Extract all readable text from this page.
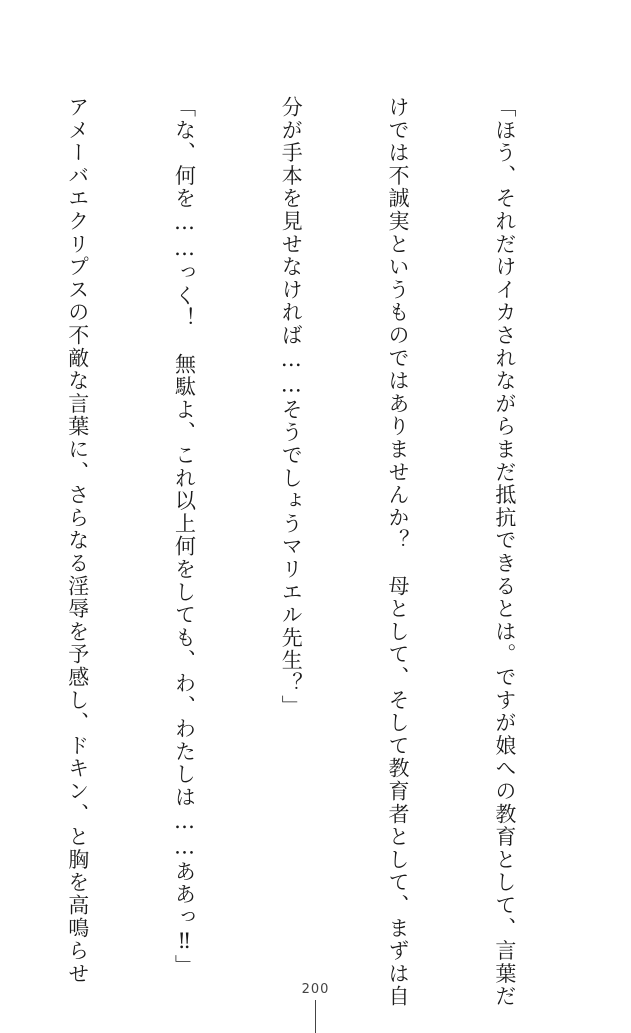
「ほう、それだけイカされながらまだ抵抗できるとは。ですが娘への教育として、言葉だ

けでは不誠実というものではありませんか？　母として、そして教育者として、まずは自

分が手本を見せなければ……そうでしょうマリエル先生？」

「な、何を……っく！　無駄よ、これ以上何をしても、わ、わたしは……ああっ‼」

アメーバエクリプスの不敵な言葉に、さらなる淫辱を予感し、ドキン、と胸を高鳴らせ

200
